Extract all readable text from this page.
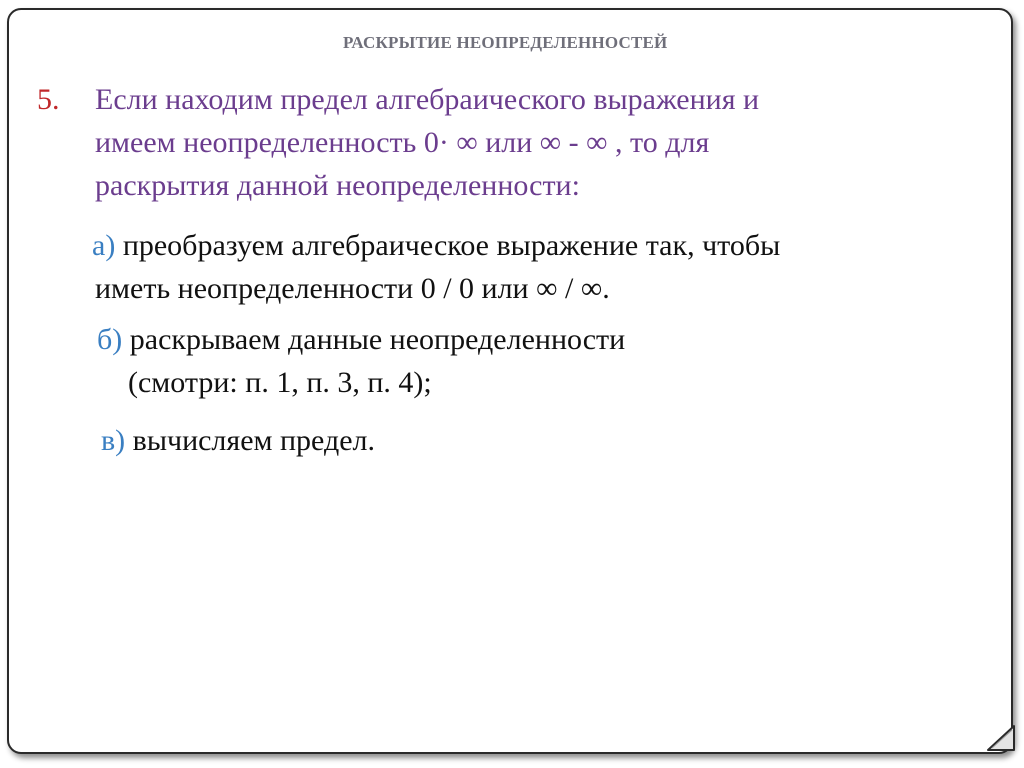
РАСКРЫТИЕ НЕОПРЕДЕЛЕННОСТЕЙ
5. Если находим предел алгебраического выражения и
имеем неопределенность 0· ∞ или ∞ - ∞ , то для
раскрытия данной неопределенности:
а) преобразуем алгебраическое выражение так, чтобы
иметь неопределенности 0 / 0 или ∞ / ∞.
б) раскрываем данные неопределенности
(смотри: п. 1, п. 3, п. 4);
в) вычисляем предел.
